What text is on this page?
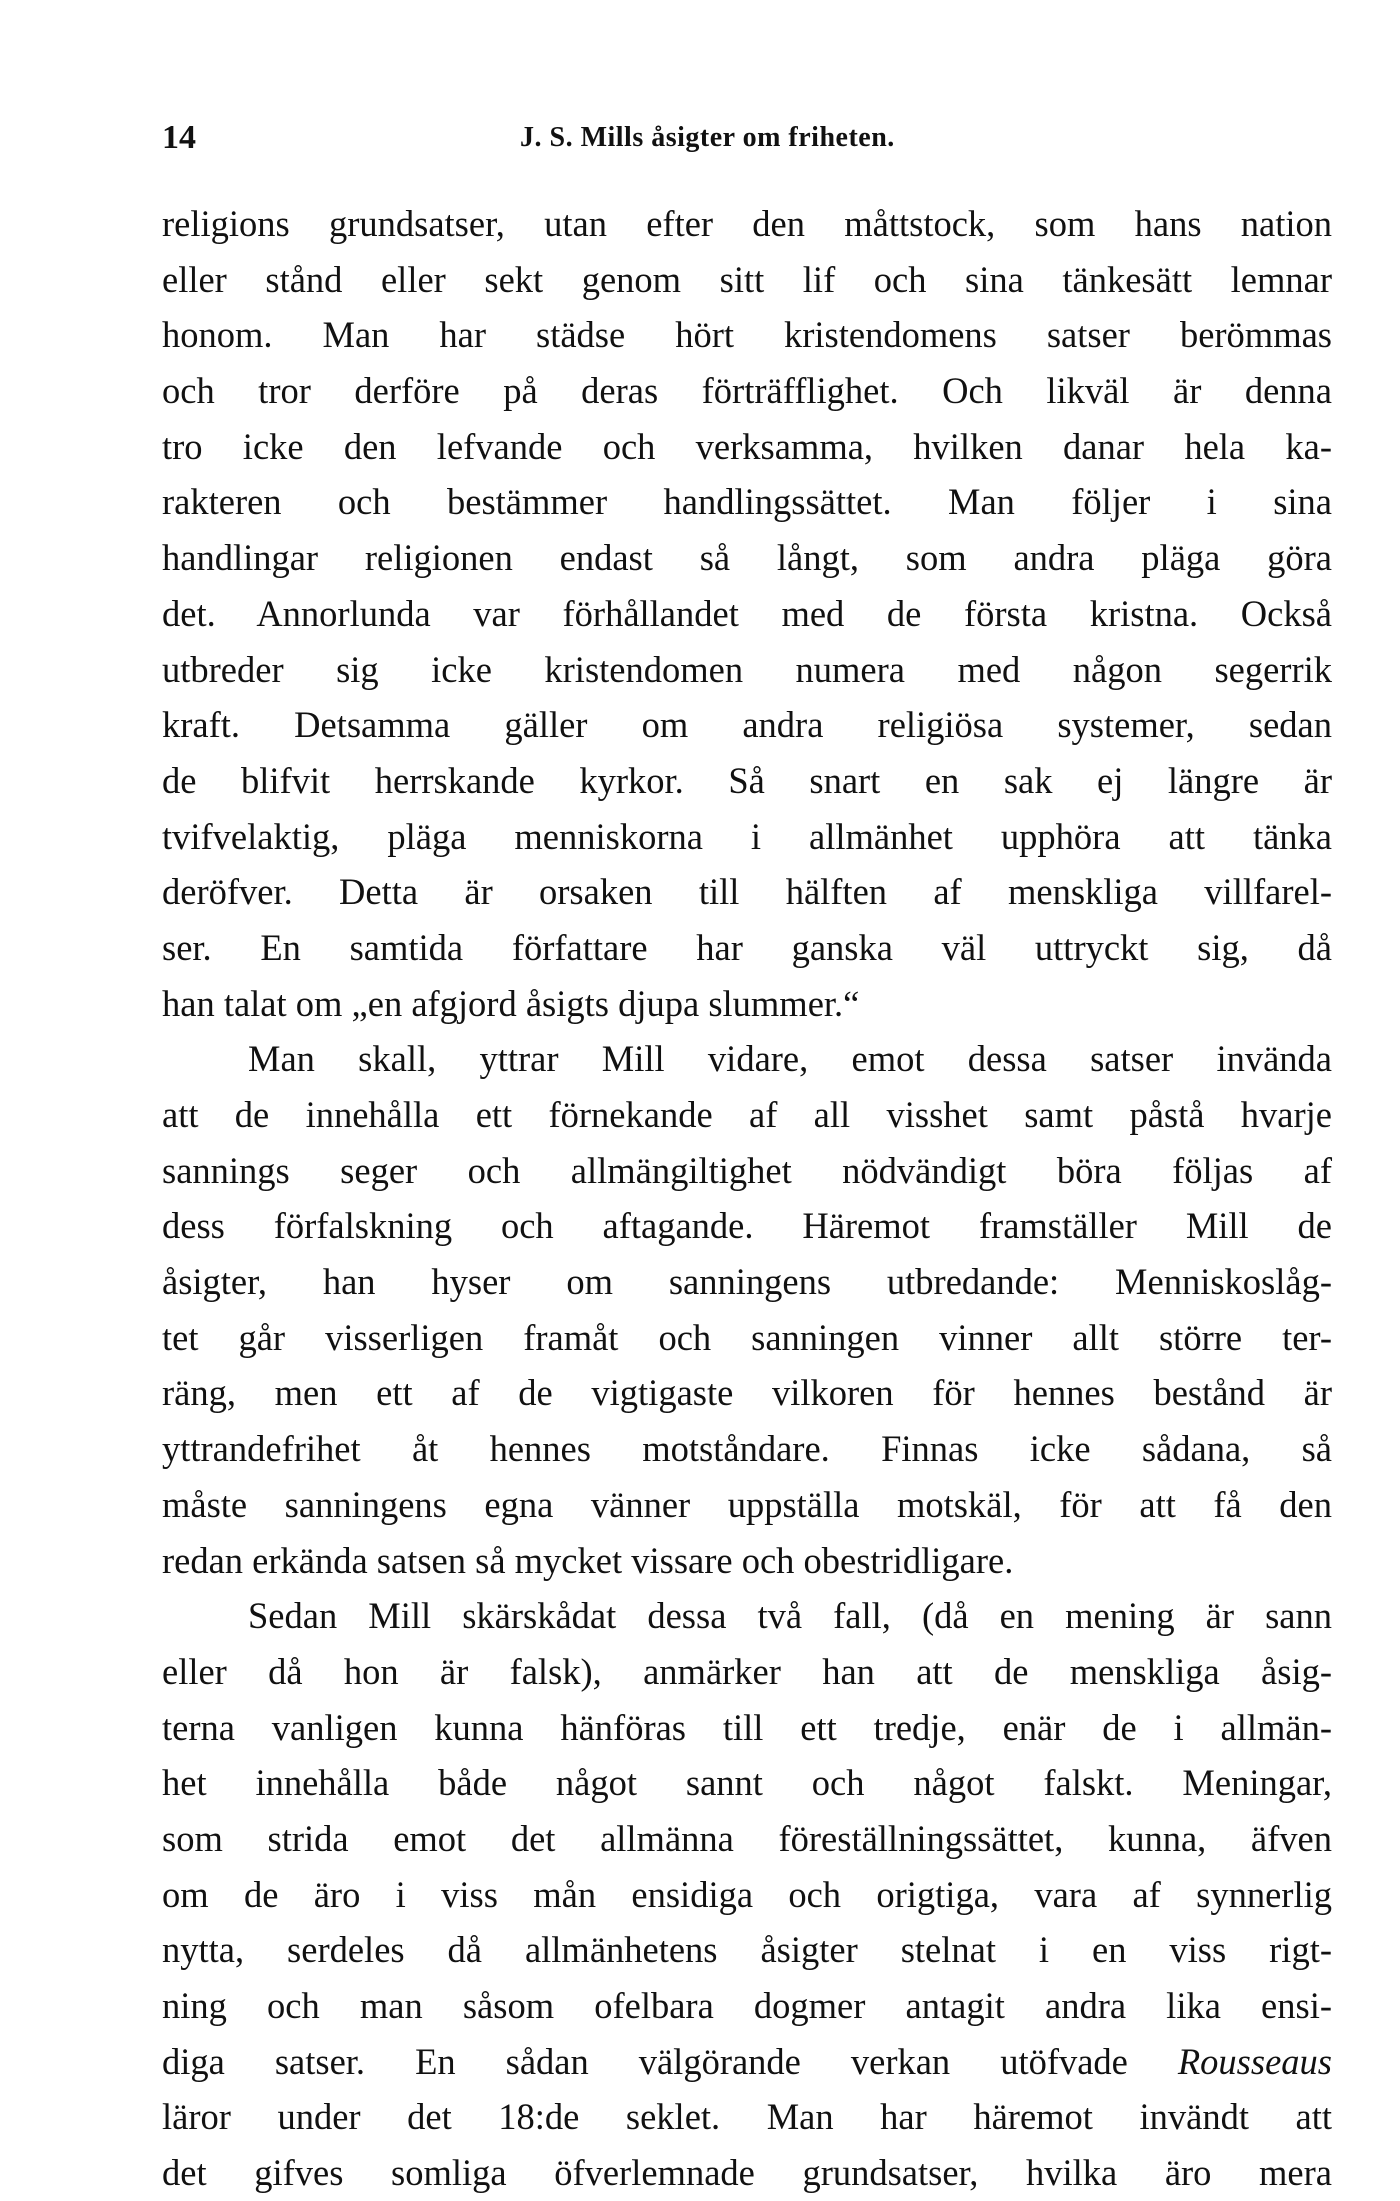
14	J. S. Mills åsigter om friheten.
religions grundsatser, utan efter den måttstock, som hans nation
eller stånd eller sekt genom sitt lif och sina tänkesätt lemnar
honom. Man har städse hört kristendomens satser berömmas
och tror derföre på deras förträfflighet. Och likväl är denna
tro icke den lefvande och verksamma, hvilken danar hela ka-
rakteren och bestämmer handlingssättet. Man följer i sina
handlingar religionen endast så långt, som andra pläga göra
det. Annorlunda var förhållandet med de första kristna. Också
utbreder sig icke kristendomen numera med någon segerrik
kraft. Detsamma gäller om andra religiösa systemer, sedan
de blifvit herrskande kyrkor. Så snart en sak ej längre är
tvifvelaktig, pläga menniskorna i allmänhet upphöra att tänka
deröfver. Detta är orsaken till hälften af menskliga villfarel-
ser. En samtida författare har ganska väl uttryckt sig, då
han talat om „en afgjord åsigts djupa slummer.“
Man skall, yttrar Mill vidare, emot dessa satser invända
att de innehålla ett förnekande af all visshet samt påstå hvarje
sannings seger och allmängiltighet nödvändigt böra följas af
dess förfalskning och aftagande. Häremot framställer Mill de
åsigter, han hyser om sanningens utbredande: Menniskoslåg-
tet går visserligen framåt och sanningen vinner allt större ter-
räng, men ett af de vigtigaste vilkoren för hennes bestånd är
yttrandefrihet åt hennes motståndare. Finnas icke sådana, så
måste sanningens egna vänner uppställa motskäl, för att få den
redan erkända satsen så mycket vissare och obestridligare.
Sedan Mill skärskådat dessa två fall, (då en mening är sann
eller då hon är falsk), anmärker han att de menskliga åsig-
terna vanligen kunna hänföras till ett tredje, enär de i allmän-
het innehålla både något sannt och något falskt. Meningar,
som strida emot det allmänna föreställningssättet, kunna, äfven
om de äro i viss mån ensidiga och origtiga, vara af synnerlig
nytta, serdeles då allmänhetens åsigter stelnat i en viss rigt-
ning och man såsom ofelbara dogmer antagit andra lika ensi-
diga satser. En sådan välgörande verkan utöfvade Rousseaus
läror under det 18:de seklet. Man har häremot invändt att
det gifves somliga öfverlemnade grundsatser, hvilka äro mera
